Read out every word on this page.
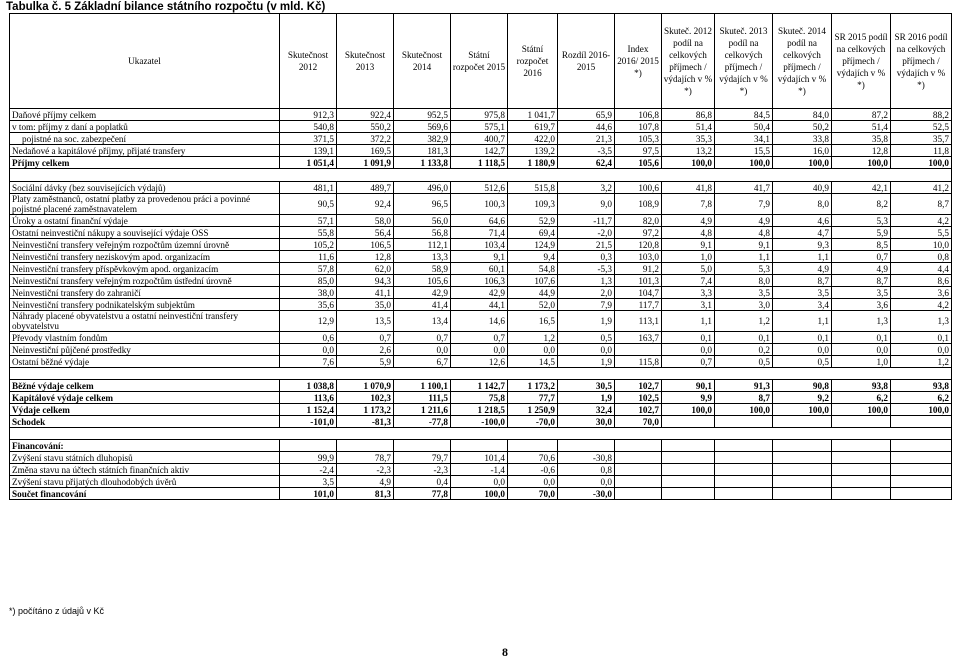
Tabulka č. 5 Základní bilance státního rozpočtu (v mld. Kč)
Ukazatel	Skutečnost 2012	Skutečnost 2013	Skutečnost 2014	Státní rozpočet 2015	Státní rozpočet 2016	Rozdíl 2016-2015	Index 2016/ 2015 *)	Skuteč. 2012 podíl na celkových příjmech / výdajích v % *)	Skuteč. 2013 podíl na celkových příjmech / výdajích v % *)	Skuteč. 2014 podíl na celkových příjmech / výdajích v % *)	SR 2015 podíl na celkových příjmech / výdajích v % *)	SR 2016 podíl na celkových příjmech / výdajích v % *)
Daňové příjmy celkem	912,3	922,4	952,5	975,8	1 041,7	65,9	106,8	86,8	84,5	84,0	87,2	88,2
v tom: příjmy z daní a poplatků	540,8	550,2	569,6	575,1	619,7	44,6	107,8	51,4	50,4	50,2	51,4	52,5
pojistné na soc. zabezpečení	371,5	372,2	382,9	400,7	422,0	21,3	105,3	35,3	34,1	33,8	35,8	35,7
Nedaňové a kapitálové příjmy, přijaté transfery	139,1	169,5	181,3	142,7	139,2	-3,5	97,5	13,2	15,5	16,0	12,8	11,8
Příjmy celkem	1 051,4	1 091,9	1 133,8	1 118,5	1 180,9	62,4	105,6	100,0	100,0	100,0	100,0	100,0

Sociální dávky (bez souvisejících výdajů)	481,1	489,7	496,0	512,6	515,8	3,2	100,6	41,8	41,7	40,9	42,1	41,2
Platy zaměstnanců, ostatní platby za provedenou práci a povinné pojistné placené zaměstnavatelem	90,5	92,4	96,5	100,3	109,3	9,0	108,9	7,8	7,9	8,0	8,2	8,7
Úroky a ostatní finanční výdaje	57,1	58,0	56,0	64,6	52,9	-11,7	82,0	4,9	4,9	4,6	5,3	4,2
Ostatní neinvestiční nákupy a související výdaje OSS	55,8	56,4	56,8	71,4	69,4	-2,0	97,2	4,8	4,8	4,7	5,9	5,5
Neinvestiční transfery veřejným rozpočtům územní úrovně	105,2	106,5	112,1	103,4	124,9	21,5	120,8	9,1	9,1	9,3	8,5	10,0
Neinvestiční transfery neziskovým apod. organizacím	11,6	12,8	13,3	9,1	9,4	0,3	103,0	1,0	1,1	1,1	0,7	0,8
Neinvestiční transfery příspěvkovým apod. organizacím	57,8	62,0	58,9	60,1	54,8	-5,3	91,2	5,0	5,3	4,9	4,9	4,4
Neinvestiční transfery veřejným rozpočtům ústřední úrovně	85,0	94,3	105,6	106,3	107,6	1,3	101,3	7,4	8,0	8,7	8,7	8,6
Neinvestiční transfery do zahraničí	38,0	41,1	42,9	42,9	44,9	2,0	104,7	3,3	3,5	3,5	3,5	3,6
Neinvestiční transfery podnikatelským subjektům	35,6	35,0	41,4	44,1	52,0	7,9	117,7	3,1	3,0	3,4	3,6	4,2
Náhrady placené obyvatelstvu a ostatní neinvestiční transfery obyvatelstvu	12,9	13,5	13,4	14,6	16,5	1,9	113,1	1,1	1,2	1,1	1,3	1,3
Převody vlastním fondům	0,6	0,7	0,7	0,7	1,2	0,5	163,7	0,1	0,1	0,1	0,1	0,1
Neinvestiční půjčené prostředky	0,0	2,6	0,0	0,0	0,0	0,0		0,0	0,2	0,0	0,0	0,0
Ostatní běžné výdaje	7,6	5,9	6,7	12,6	14,5	1,9	115,8	0,7	0,5	0,5	1,0	1,2

Běžné výdaje celkem	1 038,8	1 070,9	1 100,1	1 142,7	1 173,2	30,5	102,7	90,1	91,3	90,8	93,8	93,8
Kapitálové výdaje celkem	113,6	102,3	111,5	75,8	77,7	1,9	102,5	9,9	8,7	9,2	6,2	6,2
Výdaje celkem	1 152,4	1 173,2	1 211,6	1 218,5	1 250,9	32,4	102,7	100,0	100,0	100,0	100,0	100,0
Schodek	-101,0	-81,3	-77,8	-100,0	-70,0	30,0	70,0					

Financování:												
Zvýšení stavu státních dluhopisů	99,9	78,7	79,7	101,4	70,6	-30,8						
Změna stavu na účtech státních finančních aktiv	-2,4	-2,3	-2,3	-1,4	-0,6	0,8						
Zvýšení stavu přijatých dlouhodobých úvěrů	3,5	4,9	0,4	0,0	0,0	0,0						
Součet financování	101,0	81,3	77,8	100,0	70,0	-30,0						
*) počítáno z údajů v Kč
8
